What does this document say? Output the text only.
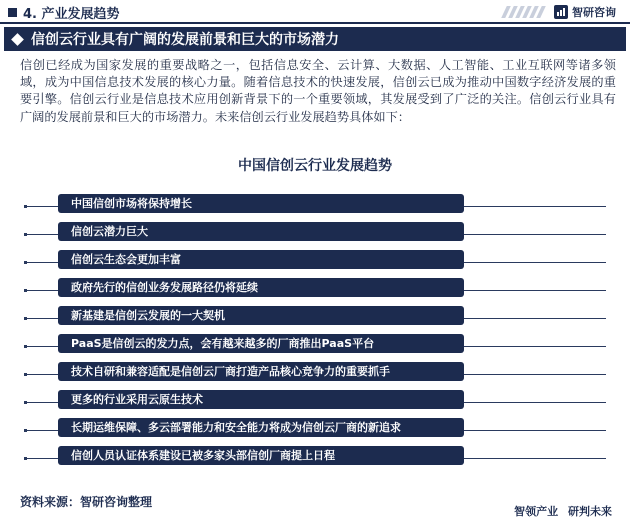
4. 产业发展趋势	智研咨询
信创云行业具有广阔的发展前景和巨大的市场潜力

信创已经成为国家发展的重要战略之一，包括信息安全、云计算、大数据、人工智能、工业互联网等诸多领域，成为中国信息技术发展的核心力量。随着信息技术的快速发展，信创云已成为推动中国数字经济发展的重要引擎。信创云行业是信息技术应用创新背景下的一个重要领域，其发展受到了广泛的关注。信创云行业具有广阔的发展前景和巨大的市场潜力。未来信创云行业发展趋势具体如下：

中国信创云行业发展趋势
中国信创市场将保持增长
信创云潜力巨大
信创云生态会更加丰富
政府先行的信创业务发展路径仍将延续
新基建是信创云发展的一大契机
PaaS是信创云的发力点，会有越来越多的厂商推出PaaS平台
技术自研和兼容适配是信创云厂商打造产品核心竞争力的重要抓手
更多的行业采用云原生技术
长期运维保障、多云部署能力和安全能力将成为信创云厂商的新追求
信创人员认证体系建设已被多家头部信创厂商提上日程
资料来源：智研咨询整理
智领产业 研判未来
